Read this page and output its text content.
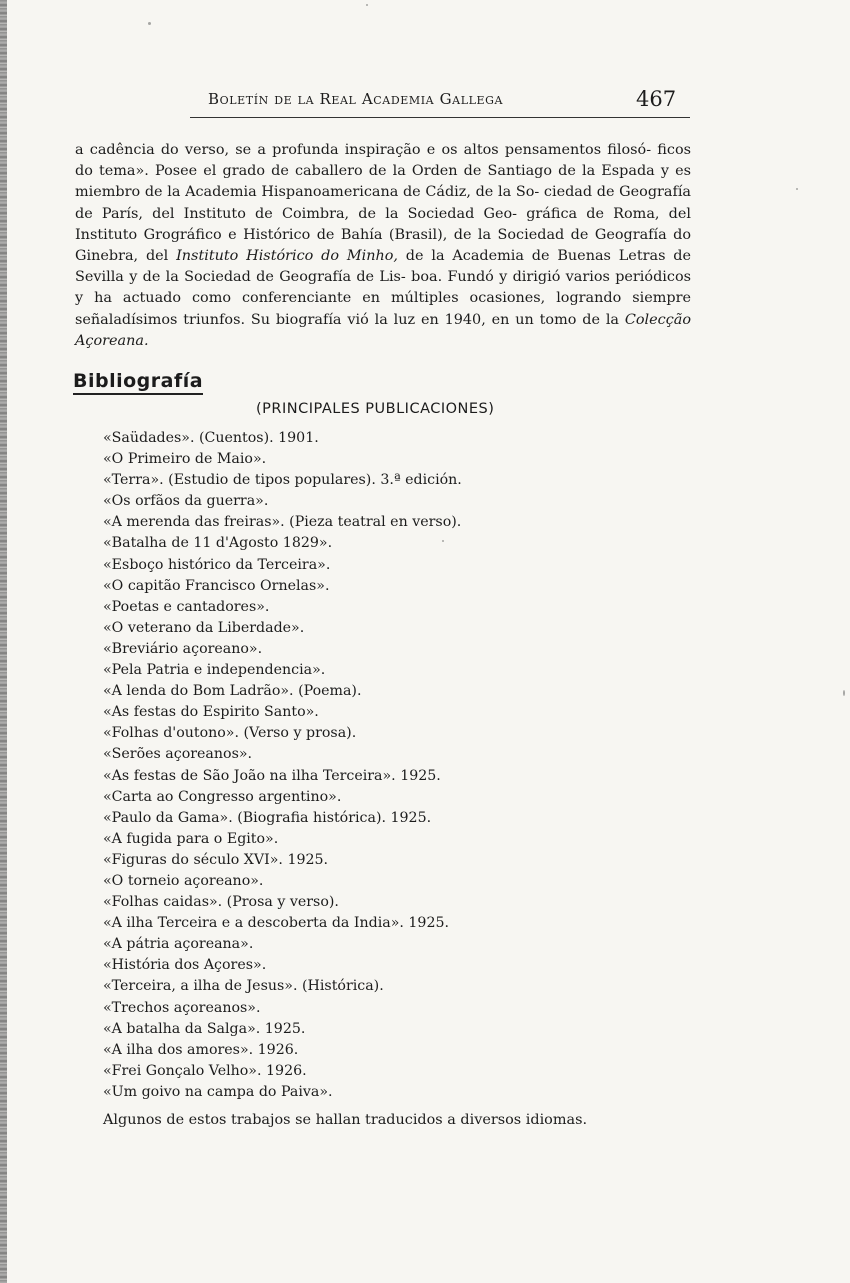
Boletín de la Real Academia Gallega	467

a cadência do verso, se a profunda inspiração e os altos pensamentos filosó- ficos do tema». Posee el grado de caballero de la Orden de Santiago de la Espada y es miembro de la Academia Hispanoamericana de Cádiz, de la So- ciedad de Geografía de París, del Instituto de Coimbra, de la Sociedad Geo- gráfica de Roma, del Instituto Grográfico e Histórico de Bahía (Brasil), de la Sociedad de Geografía do Ginebra, del Instituto Histórico do Minho, de la Academia de Buenas Letras de Sevilla y de la Sociedad de Geografía de Lis- boa. Fundó y dirigió varios periódicos y ha actuado como conferenciante en múltiples ocasiones, logrando siempre señaladísimos triunfos. Su biografía vió la luz en 1940, en un tomo de la Colecção Açoreana.

Bibliografía
(PRINCIPALES PUBLICACIONES)
«Saüdades». (Cuentos). 1901.
«O Primeiro de Maio».
«Terra». (Estudio de tipos populares). 3.ª edición.
«Os orfãos da guerra».
«A merenda das freiras». (Pieza teatral en verso).
«Batalha de 11 d'Agosto 1829».
«Esboço histórico da Terceira».
«O capitão Francisco Ornelas».
«Poetas e cantadores».
«O veterano da Liberdade».
«Breviário açoreano».
«Pela Patria e independencia».
«A lenda do Bom Ladrão». (Poema).
«As festas do Espirito Santo».
«Folhas d'outono». (Verso y prosa).
«Serões açoreanos».
«As festas de São João na ilha Terceira». 1925.
«Carta ao Congresso argentino».
«Paulo da Gama». (Biografia histórica). 1925.
«A fugida para o Egito».
«Figuras do século XVI». 1925.
«O torneio açoreano».
«Folhas caidas». (Prosa y verso).
«A ilha Terceira e a descoberta da India». 1925.
«A pátria açoreana».
«História dos Açores».
«Terceira, a ilha de Jesus». (Histórica).
«Trechos açoreanos».
«A batalha da Salga». 1925.
«A ilha dos amores». 1926.
«Frei Gonçalo Velho». 1926.
«Um goivo na campa do Paiva».

Algunos de estos trabajos se hallan traducidos a diversos idiomas.
